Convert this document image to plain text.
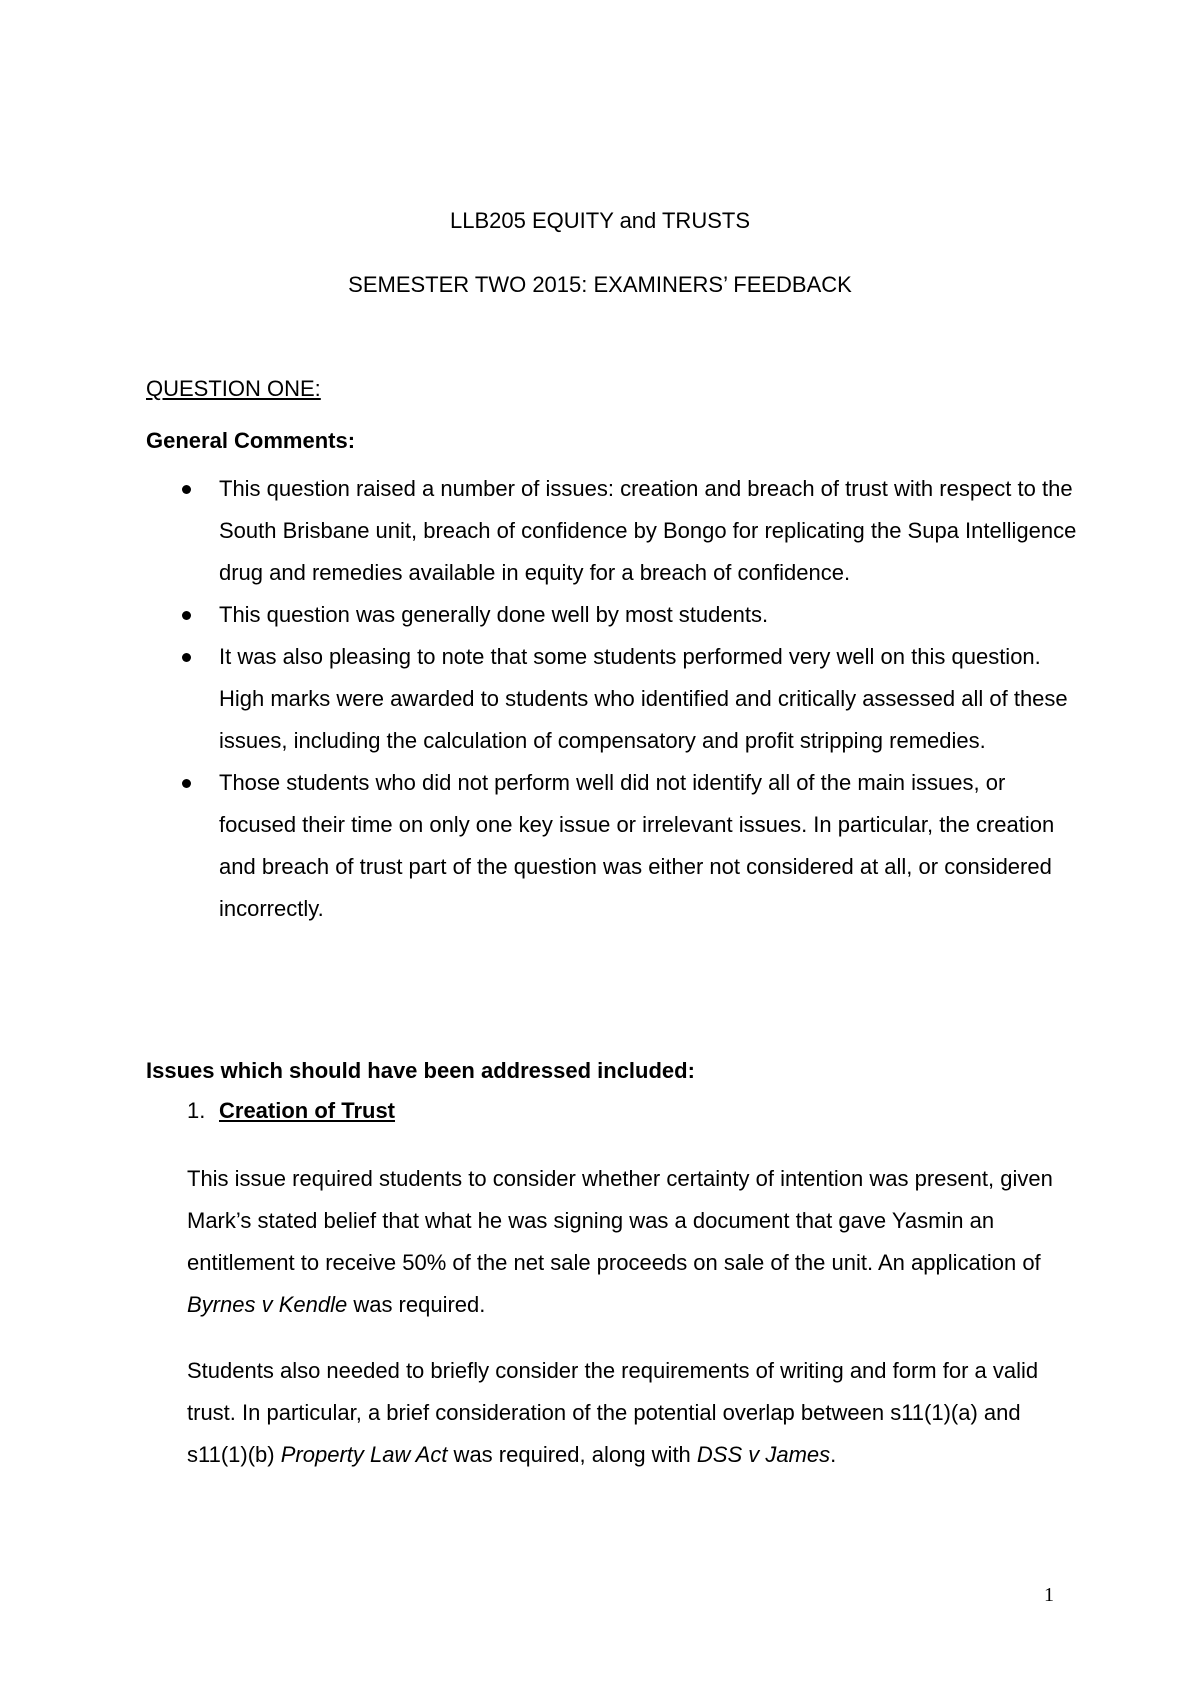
LLB205 EQUITY and TRUSTS
SEMESTER TWO 2015: EXAMINERS’ FEEDBACK
QUESTION ONE:
General Comments:
This question raised a number of issues: creation and breach of trust with respect to the South Brisbane unit, breach of confidence by Bongo for replicating the Supa Intelligence drug and remedies available in equity for a breach of confidence.
This question was generally done well by most students.
It was also pleasing to note that some students performed very well on this question. High marks were awarded to students who identified and critically assessed all of these issues, including the calculation of compensatory and profit stripping remedies.
Those students who did not perform well did not identify all of the main issues, or focused their time on only one key issue or irrelevant issues. In particular, the creation and breach of trust part of the question was either not considered at all, or considered incorrectly.
Issues which should have been addressed included:
1. Creation of Trust

This issue required students to consider whether certainty of intention was present, given Mark’s stated belief that what he was signing was a document that gave Yasmin an entitlement to receive 50% of the net sale proceeds on sale of the unit. An application of Byrnes v Kendle was required.

Students also needed to briefly consider the requirements of writing and form for a valid trust. In particular, a brief consideration of the potential overlap between s11(1)(a) and s11(1)(b) Property Law Act was required, along with DSS v James.

1
